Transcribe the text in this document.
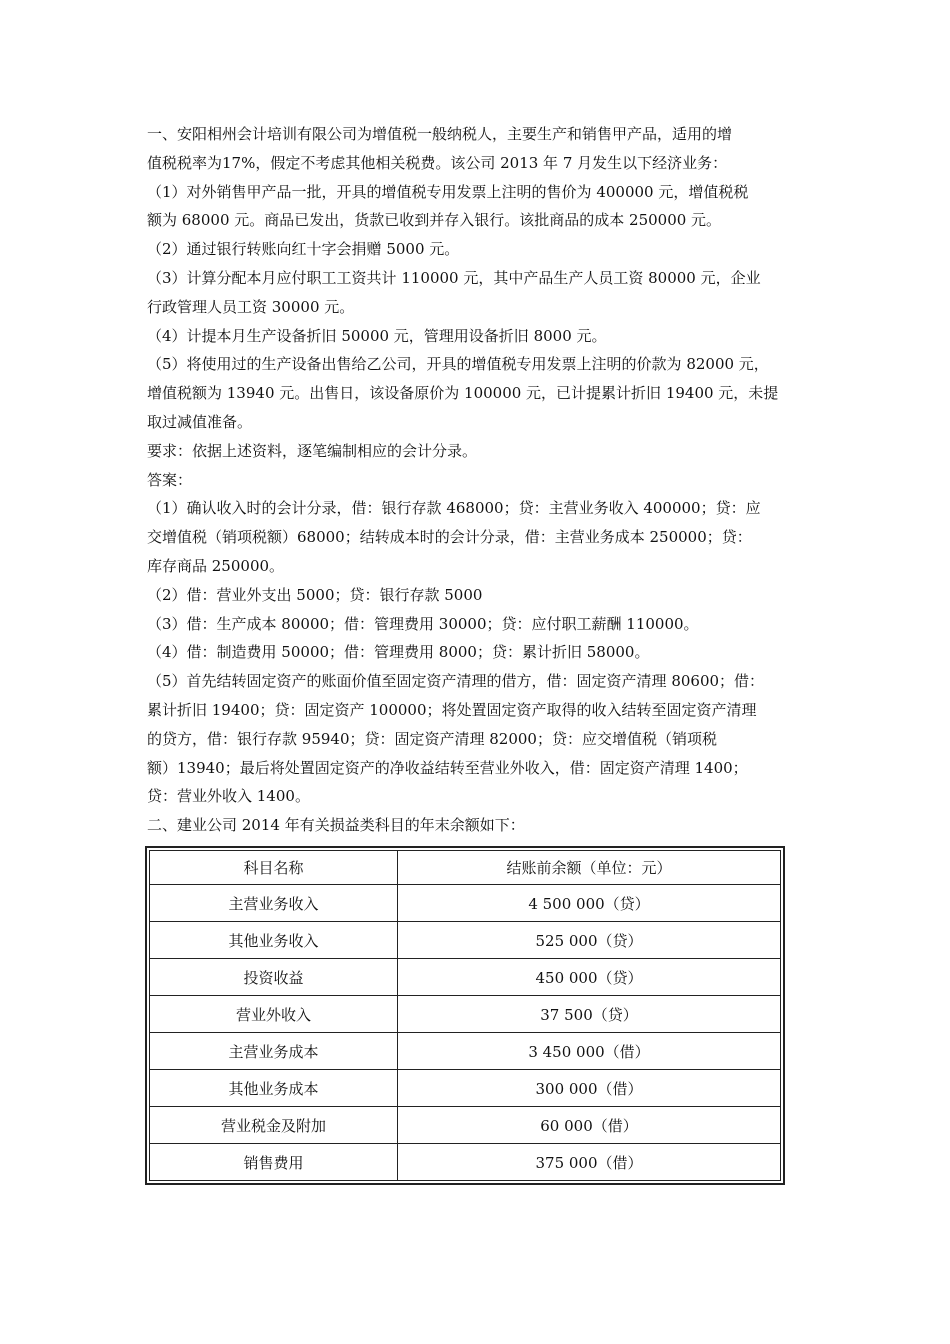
一、安阳相州会计培训有限公司为增值税一般纳税人，主要生产和销售甲产品，适用的增
值税税率为17%，假定不考虑其他相关税费。该公司 2013 年 7 月发生以下经济业务：
（1）对外销售甲产品一批，开具的增值税专用发票上注明的售价为 400000 元，增值税税
额为 68000 元。商品已发出，货款已收到并存入银行。该批商品的成本 250000 元。
（2）通过银行转账向红十字会捐赠 5000 元。
（3）计算分配本月应付职工工资共计 110000 元，其中产品生产人员工资 80000 元，企业
行政管理人员工资 30000 元。
（4）计提本月生产设备折旧 50000 元，管理用设备折旧 8000 元。
（5）将使用过的生产设备出售给乙公司，开具的增值税专用发票上注明的价款为 82000 元，
增值税额为 13940 元。出售日，该设备原价为 100000 元，已计提累计折旧 19400 元，未提
取过减值准备。
要求：依据上述资料，逐笔编制相应的会计分录。
答案：
（1）确认收入时的会计分录，借：银行存款 468000；贷：主营业务收入 400000；贷：应
交增值税（销项税额）68000；结转成本时的会计分录，借：主营业务成本 250000；贷：
库存商品 250000。
（2）借：营业外支出 5000；贷：银行存款 5000
（3）借：生产成本 80000；借：管理费用 30000；贷：应付职工薪酬 110000。
（4）借：制造费用 50000；借：管理费用 8000；贷：累计折旧 58000。
（5）首先结转固定资产的账面价值至固定资产清理的借方，借：固定资产清理 80600；借：
累计折旧 19400；贷：固定资产 100000；将处置固定资产取得的收入结转至固定资产清理
的贷方，借：银行存款 95940；贷：固定资产清理 82000；贷：应交增值税（销项税
额）13940；最后将处置固定资产的净收益结转至营业外收入，借：固定资产清理 1400；
贷：营业外收入 1400。
二、建业公司 2014 年有关损益类科目的年末余额如下：
科目名称	结账前余额（单位：元）
主营业务收入	4 500 000（贷）
其他业务收入	525 000（贷）
投资收益	450 000（贷）
营业外收入	37 500（贷）
主营业务成本	3 450 000（借）
其他业务成本	300 000（借）
营业税金及附加	60 000（借）
销售费用	375 000（借）
